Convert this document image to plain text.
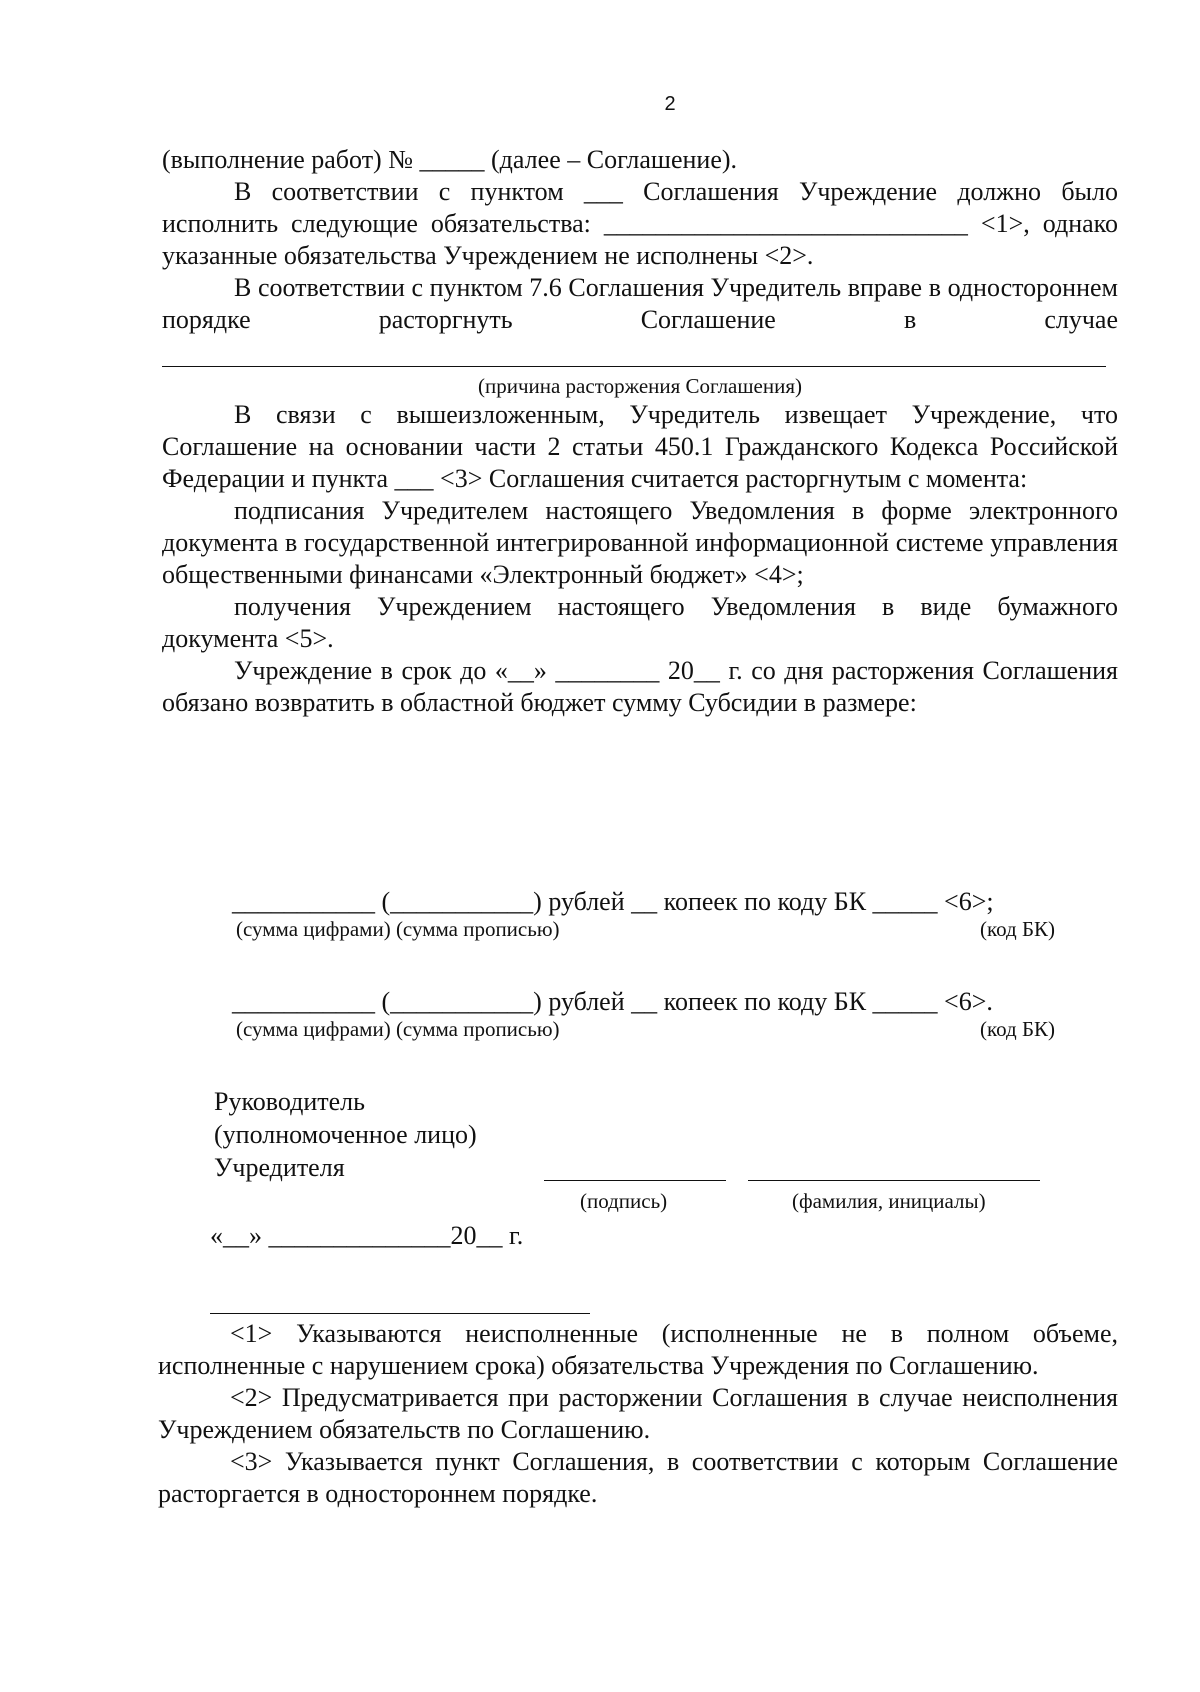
2

(выполнение работ) № _____ (далее – Соглашение).

В соответствии с пунктом ___ Соглашения Учреждение должно было исполнить следующие обязательства: ____________________________ <1>, однако указанные обязательства Учреждением не исполнены <2>.

В соответствии с пунктом 7.6 Соглашения Учредитель вправе в одностороннем порядке расторгнуть Соглашение в случае

(причина расторжения Соглашения)

В связи с вышеизложенным, Учредитель извещает Учреждение, что Соглашение на основании части 2 статьи 450.1 Гражданского Кодекса Российской Федерации и пункта ___ <3> Соглашения считается расторгнутым с момента:

подписания Учредителем настоящего Уведомления в форме электронного документа в государственной интегрированной информационной системе управления общественными финансами «Электронный бюджет» <4>;

получения Учреждением настоящего Уведомления в виде бумажного документа <5>.

Учреждение в срок до «__» ________ 20__ г. со дня расторжения Соглашения обязано возвратить в областной бюджет сумму Субсидии в размере:

___________ (___________) рублей __ копеек по коду БК _____ <6>;
(сумма цифрами) (сумма прописью)	(код БК)
___________ (___________) рублей __ копеек по коду БК _____ <6>.
(сумма цифрами) (сумма прописью)	(код БК)
Руководитель
(уполномоченное лицо)
Учредителя
(подпись)	(фамилия, инициалы)
«__» ______________20__ г.

<1> Указываются неисполненные (исполненные не в полном объеме, исполненные с нарушением срока) обязательства Учреждения по Соглашению.

<2> Предусматривается при расторжении Соглашения в случае неисполнения Учреждением обязательств по Соглашению.

<3> Указывается пункт Соглашения, в соответствии с которым Соглашение расторгается в одностороннем порядке.
